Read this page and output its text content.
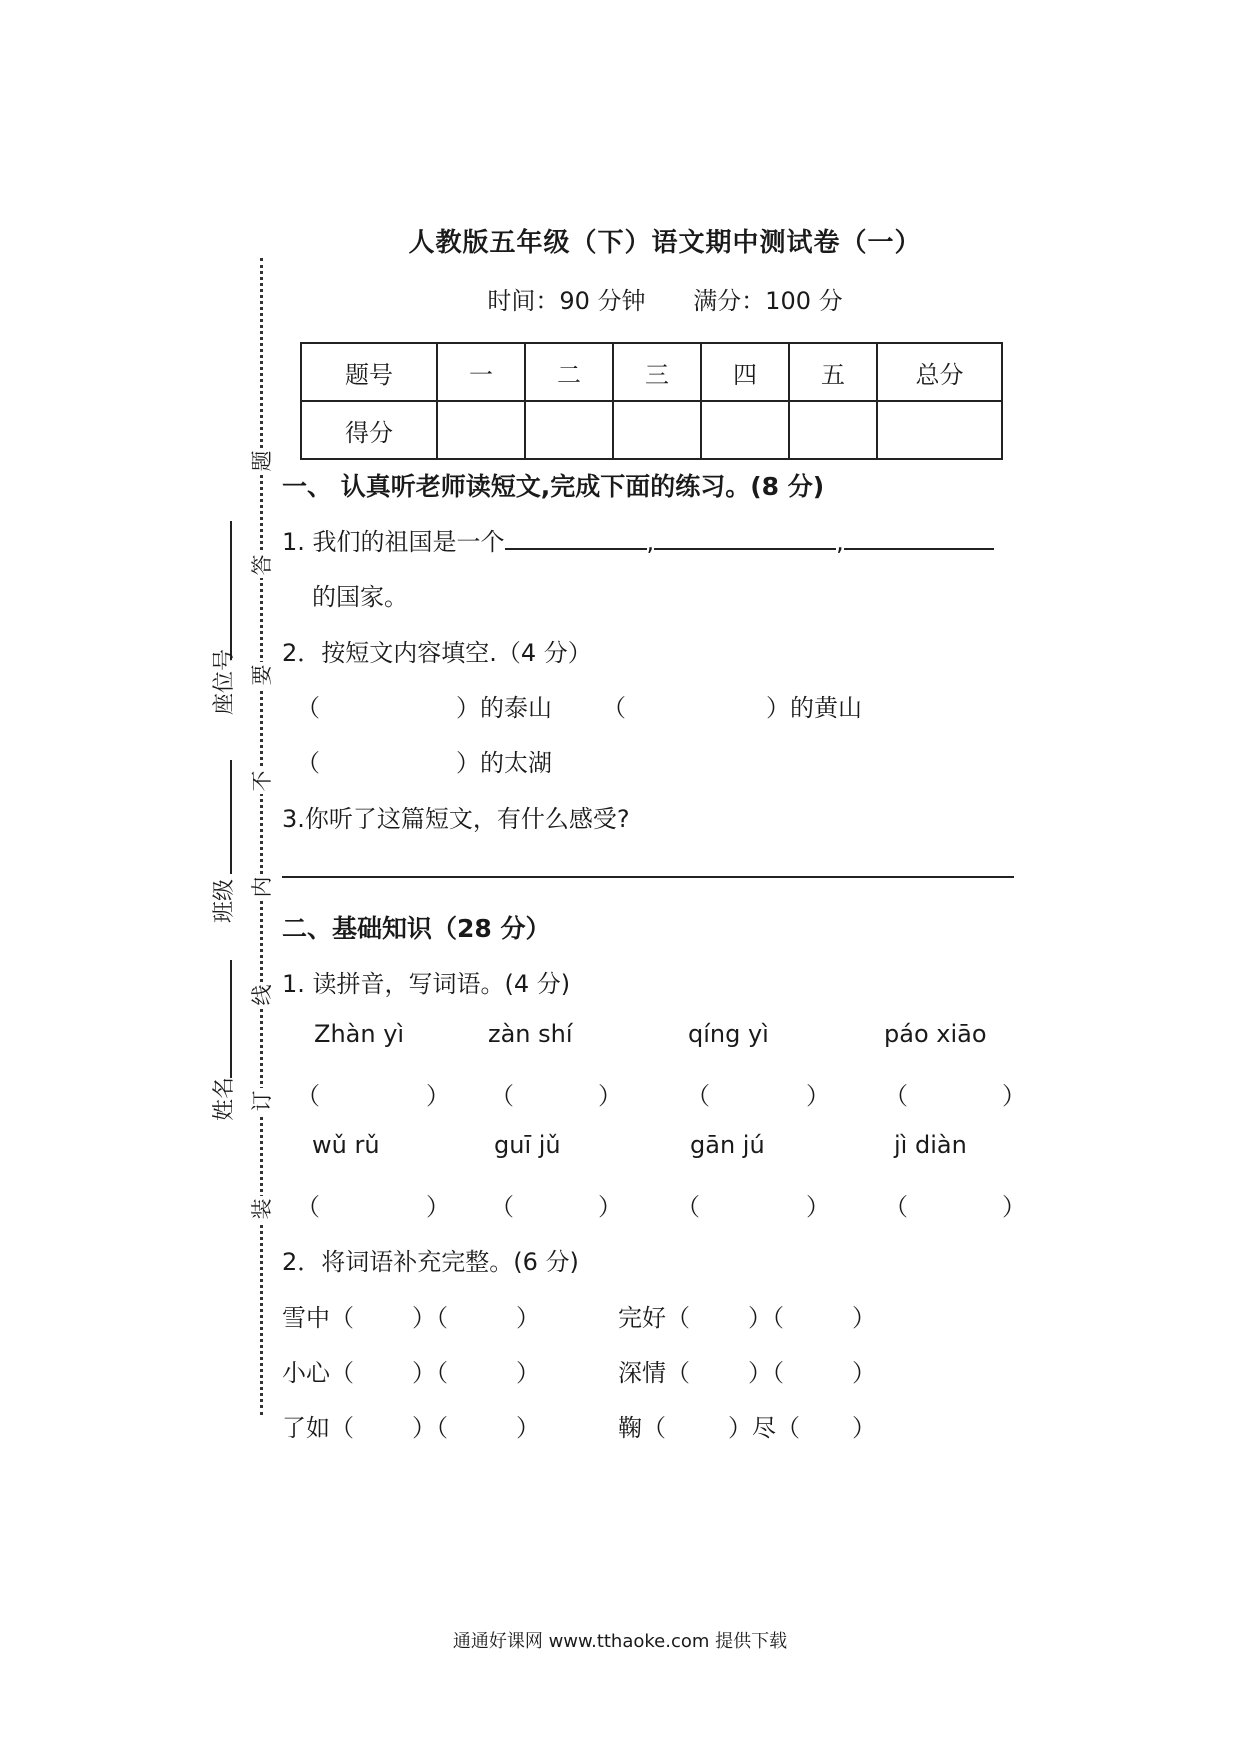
人教版五年级（下）语文期中测试卷（一）
时间：90 分钟 满分：100 分
题号	一	二	三	四	五	总分
得分						
题
答
要
不
内
线
订
装
座位号
班级
姓名
一、 认真听老师读短文,完成下面的练习。(8 分)
1. 我们的祖国是一个	,	,
的国家。
2．按短文内容填空.（4 分）
（	）的泰山 （	）的黄山
（	）的太湖
3.你听了这篇短文，有什么感受?
二、基础知识（28 分）
1. 读拼音，写词语。(4 分)
Zhàn yì	zàn shí	qíng yì	páo xiāo
（	） （	）	（	） （	）
wǔ rǔ	guī jǔ	gān jú	jì diàn
（	） （	） （	） （	）
2．将词语补充完整。(6 分)
雪中（ ）（	）	完好（ ）（	）
小心（ ）（	）	深情（ ）（	）
了如（ ）（	）	鞠（	）尽（ ）
通通好课网 www.tthaoke.com 提供下载
